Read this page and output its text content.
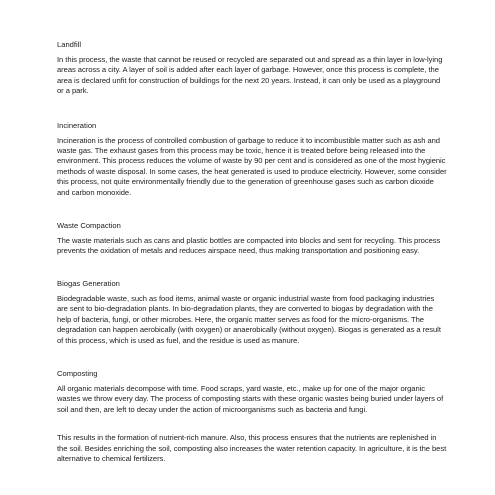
Landfill

In this process, the waste that cannot be reused or recycled are separated out and spread as a thin layer in low-lying areas across a city. A layer of soil is added after each layer of garbage. However, once this process is complete, the area is declared unfit for construction of buildings for the next 20 years. Instead, it can only be used as a playground or a park.

Incineration

Incineration is the process of controlled combustion of garbage to reduce it to incombustible matter such as ash and waste gas. The exhaust gases from this process may be toxic, hence it is treated before being released into the environment. This process reduces the volume of waste by 90 per cent and is considered as one of the most hygienic methods of waste disposal. In some cases, the heat generated is used to produce electricity. However, some consider this process, not quite environmentally friendly due to the generation of greenhouse gases such as carbon dioxide and carbon monoxide.

Waste Compaction

The waste materials such as cans and plastic bottles are compacted into blocks and sent for recycling. This process prevents the oxidation of metals and reduces airspace need, thus making transportation and positioning easy.

Biogas Generation

Biodegradable waste, such as food items, animal waste or organic industrial waste from food packaging industries are sent to bio-degradation plants. In bio-degradation plants, they are converted to biogas by degradation with the help of bacteria, fungi, or other microbes. Here, the organic matter serves as food for the micro-organisms. The degradation can happen aerobically (with oxygen) or anaerobically (without oxygen). Biogas is generated as a result of this process, which is used as fuel, and the residue is used as manure.

Composting

All organic materials decompose with time. Food scraps, yard waste, etc., make up for one of the major organic wastes we throw every day. The process of composting starts with these organic wastes being buried under layers of soil and then, are left to decay under the action of microorganisms such as bacteria and fungi.

This results in the formation of nutrient-rich manure. Also, this process ensures that the nutrients are replenished in the soil. Besides enriching the soil, composting also increases the water retention capacity. In agriculture, it is the best alternative to chemical fertilizers.
